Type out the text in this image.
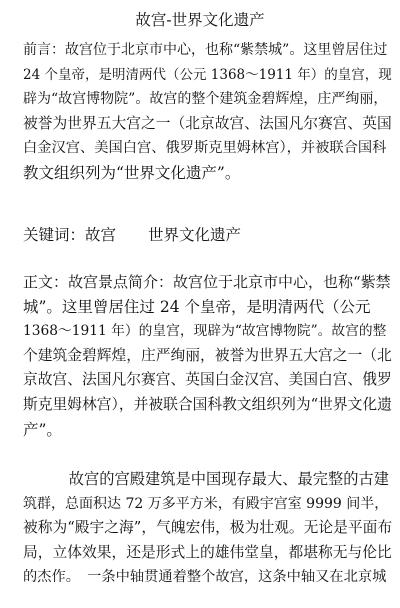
故宫-世界文化遗产
前言：故宫位于北京市中心，也称“紫禁城”。这里曾居住过
24 个皇帝，是明清两代（公元 1368～1911 年）的皇宫，现
辟为“故宫博物院”。故宫的整个建筑金碧辉煌，庄严绚丽，
被誉为世界五大宫之一（北京故宫、法国凡尔赛宫、英国
白金汉宫、美国白宫、俄罗斯克里姆林宫），并被联合国科
教文组织列为“世界文化遗产”。
关键词：故宫 世界文化遗产
正文：故宫景点简介：故宫位于北京市中心，也称“紫禁
城”。这里曾居住过 24 个皇帝，是明清两代（公元
1368～1911 年）的皇宫，现辟为“故宫博物院”。故宫的整
个建筑金碧辉煌，庄严绚丽，被誉为世界五大宫之一（北
京故宫、法国凡尔赛宫、英国白金汉宫、美国白宫、俄罗
斯克里姆林宫），并被联合国科教文组织列为“世界文化遗
产”。
　　　故宫的宫殿建筑是中国现存最大、最完整的古建
筑群，总面积达 72 万多平方米，有殿宇宫室 9999 间半，
被称为“殿宇之海”，气魄宏伟，极为壮观。无论是平面布
局，立体效果，还是形式上的雄伟堂皇，都堪称无与伦比
的杰作。　一条中轴贯通着整个故宫，这条中轴又在北京城
